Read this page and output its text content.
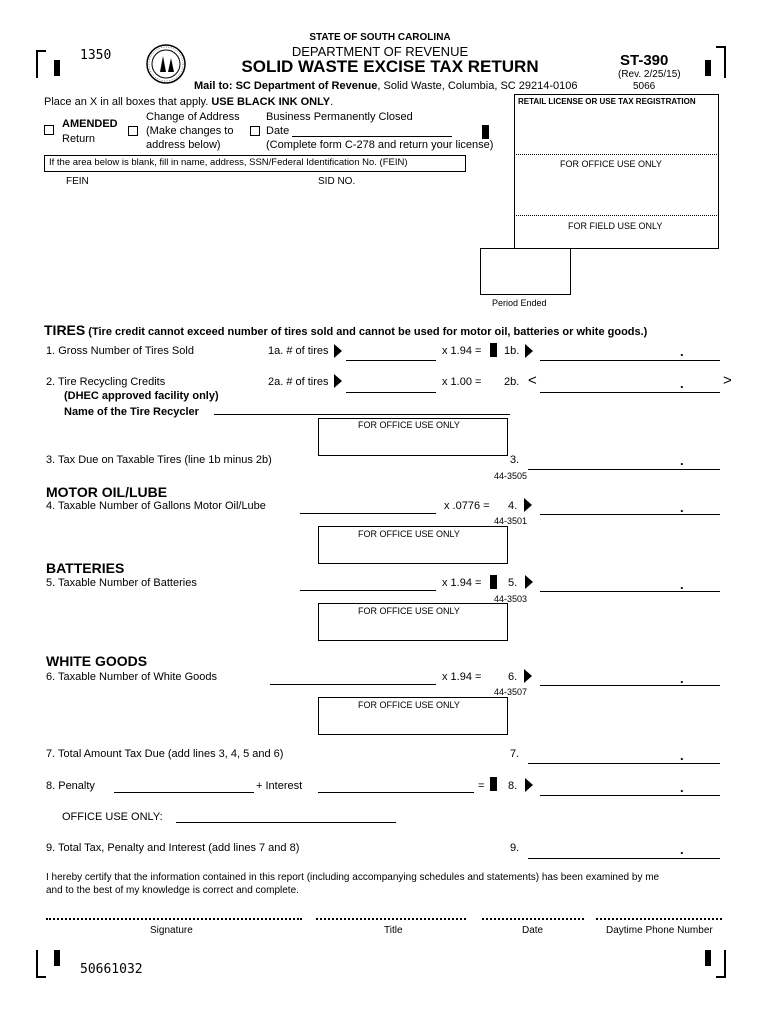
1350
STATE OF SOUTH CAROLINA
DEPARTMENT OF REVENUE
SOLID WASTE EXCISE TAX RETURN
Mail to: SC Department of Revenue, Solid Waste, Columbia, SC 29214-0106
ST-390
(Rev. 2/25/15)
5066
Place an X in all boxes that apply. USE BLACK INK ONLY.
AMENDED
Return
Change of Address
(Make changes to
address below)
Business Permanently Closed
Date
(Complete form C-278 and return your license)
If the area below is blank, fill in name, address, SSN/Federal Identification No. (FEIN)
FEIN	SID NO.
RETAIL LICENSE OR USE TAX REGISTRATION
FOR OFFICE USE ONLY
FOR FIELD USE ONLY
Period Ended
TIRES (Tire credit cannot exceed number of tires sold and cannot be used for motor oil, batteries or white goods.)
1. Gross Number of Tires Sold	1a. # of tires	x 1.94 = 1b.	.
2. Tire Recycling Credits
(DHEC approved facility only)
Name of the Tire Recycler
2a. # of tires	x 1.00 = 2b. <	.	>
FOR OFFICE USE ONLY
3. Tax Due on Taxable Tires (line 1b minus 2b)	3.	.
44-3505
MOTOR OIL/LUBE
4. Taxable Number of Gallons Motor Oil/Lube	x .0776 = 4.	.
44-3501
FOR OFFICE USE ONLY
BATTERIES
5. Taxable Number of Batteries	x 1.94 = 5.	.
44-3503
FOR OFFICE USE ONLY
WHITE GOODS
6. Taxable Number of White Goods	x 1.94 = 6.	.
44-3507
FOR OFFICE USE ONLY
7. Total Amount Tax Due (add lines 3, 4, 5 and 6)	7.	.
8. Penalty	+ Interest	= 8.	.
OFFICE USE ONLY:
9. Total Tax, Penalty and Interest (add lines 7 and 8)	9.	.
I hereby certify that the information contained in this report (including accompanying schedules and statements) has been examined by me
and to the best of my knowledge is correct and complete.
Signature	Title	Date	Daytime Phone Number
50661032
